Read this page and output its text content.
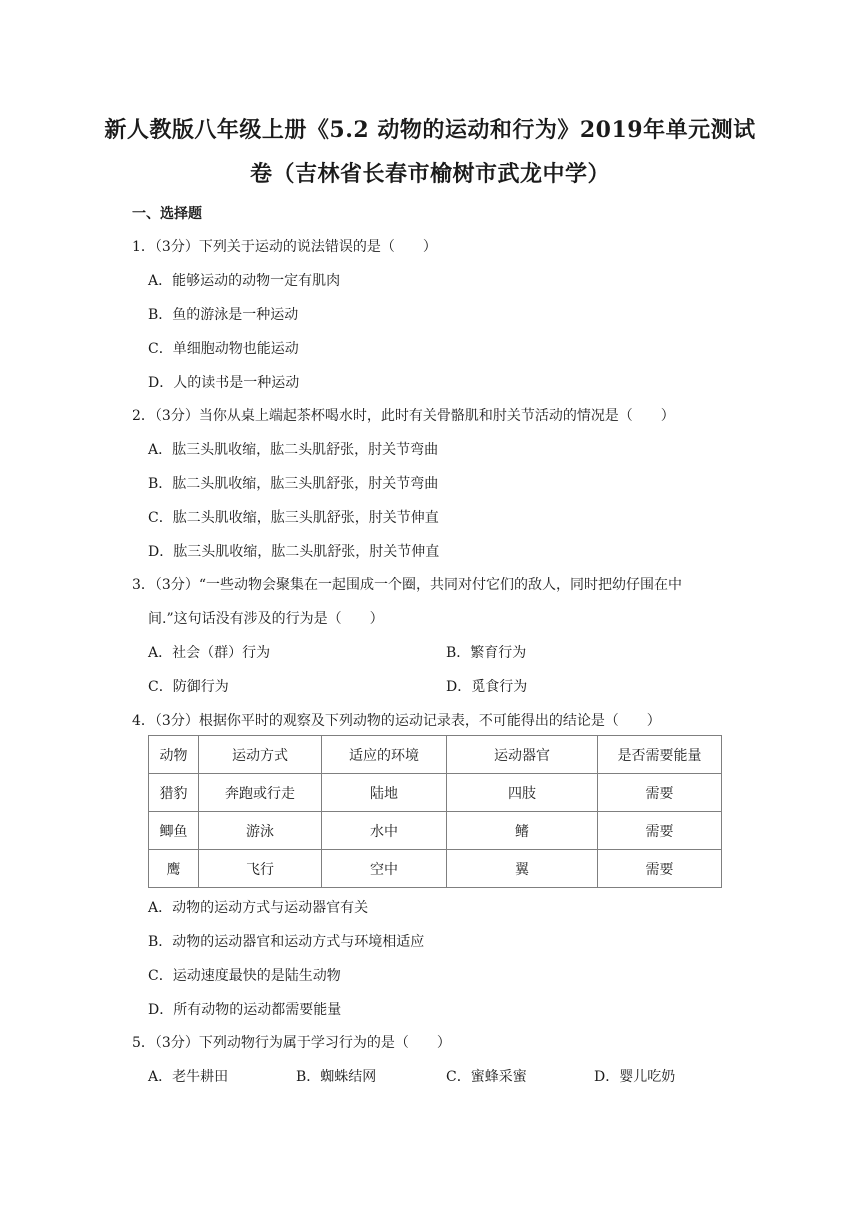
新人教版八年级上册《5.2 动物的运动和行为》2019年单元测试
卷（吉林省长春市榆树市武龙中学）
一、选择题
1．（3分）下列关于运动的说法错误的是（　　）
A．能够运动的动物一定有肌肉
B．鱼的游泳是一种运动
C．单细胞动物也能运动
D．人的读书是一种运动
2．（3分）当你从桌上端起茶杯喝水时，此时有关骨骼肌和肘关节活动的情况是（　　）
A．肱三头肌收缩，肱二头肌舒张，肘关节弯曲
B．肱二头肌收缩，肱三头肌舒张，肘关节弯曲
C．肱二头肌收缩，肱三头肌舒张，肘关节伸直
D．肱三头肌收缩，肱二头肌舒张，肘关节伸直
3．（3分）“一些动物会聚集在一起围成一个圈，共同对付它们的敌人，同时把幼仔围在中
间.”这句话没有涉及的行为是（　　）
A．社会（群）行为	B．繁育行为
C．防御行为	D．觅食行为
4．（3分）根据你平时的观察及下列动物的运动记录表，不可能得出的结论是（　　）
动物	运动方式	适应的环境	运动器官	是否需要能量
猎豹	奔跑或行走	陆地	四肢	需要
鲫鱼	游泳	水中	鳍	需要
鹰	飞行	空中	翼	需要
A．动物的运动方式与运动器官有关
B．动物的运动器官和运动方式与环境相适应
C．运动速度最快的是陆生动物
D．所有动物的运动都需要能量
5．（3分）下列动物行为属于学习行为的是（　　）
A．老牛耕田	B．蜘蛛结网	C．蜜蜂采蜜	D．婴儿吃奶
